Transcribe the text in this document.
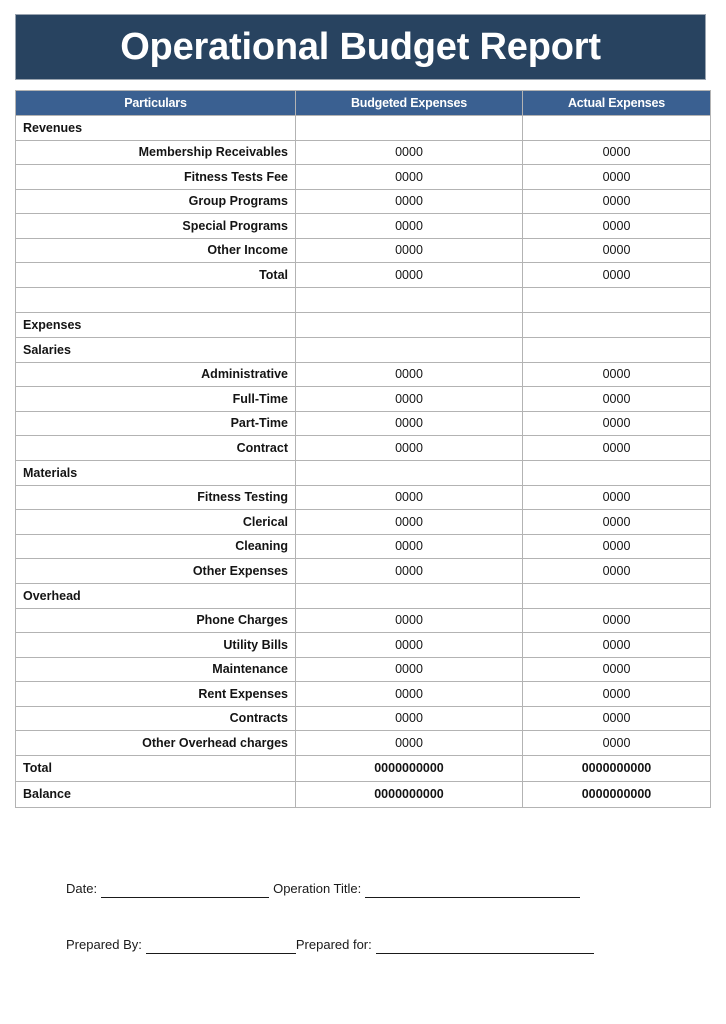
Operational Budget Report
Particulars	Budgeted Expenses	Actual Expenses
Revenues		
Membership Receivables	0000	0000
Fitness Tests Fee	0000	0000
Group Programs	0000	0000
Special Programs	0000	0000
Other Income	0000	0000
Total	0000	0000

Expenses		
Salaries		
Administrative	0000	0000
Full-Time	0000	0000
Part-Time	0000	0000
Contract	0000	0000
Materials		
Fitness Testing	0000	0000
Clerical	0000	0000
Cleaning	0000	0000
Other Expenses	0000	0000
Overhead		
Phone Charges	0000	0000
Utility Bills	0000	0000
Maintenance	0000	0000
Rent Expenses	0000	0000
Contracts	0000	0000
Other Overhead charges	0000	0000
Total	0000000000	0000000000
Balance	0000000000	0000000000
Date:	Operation Title:
Prepared By:	Prepared for:
